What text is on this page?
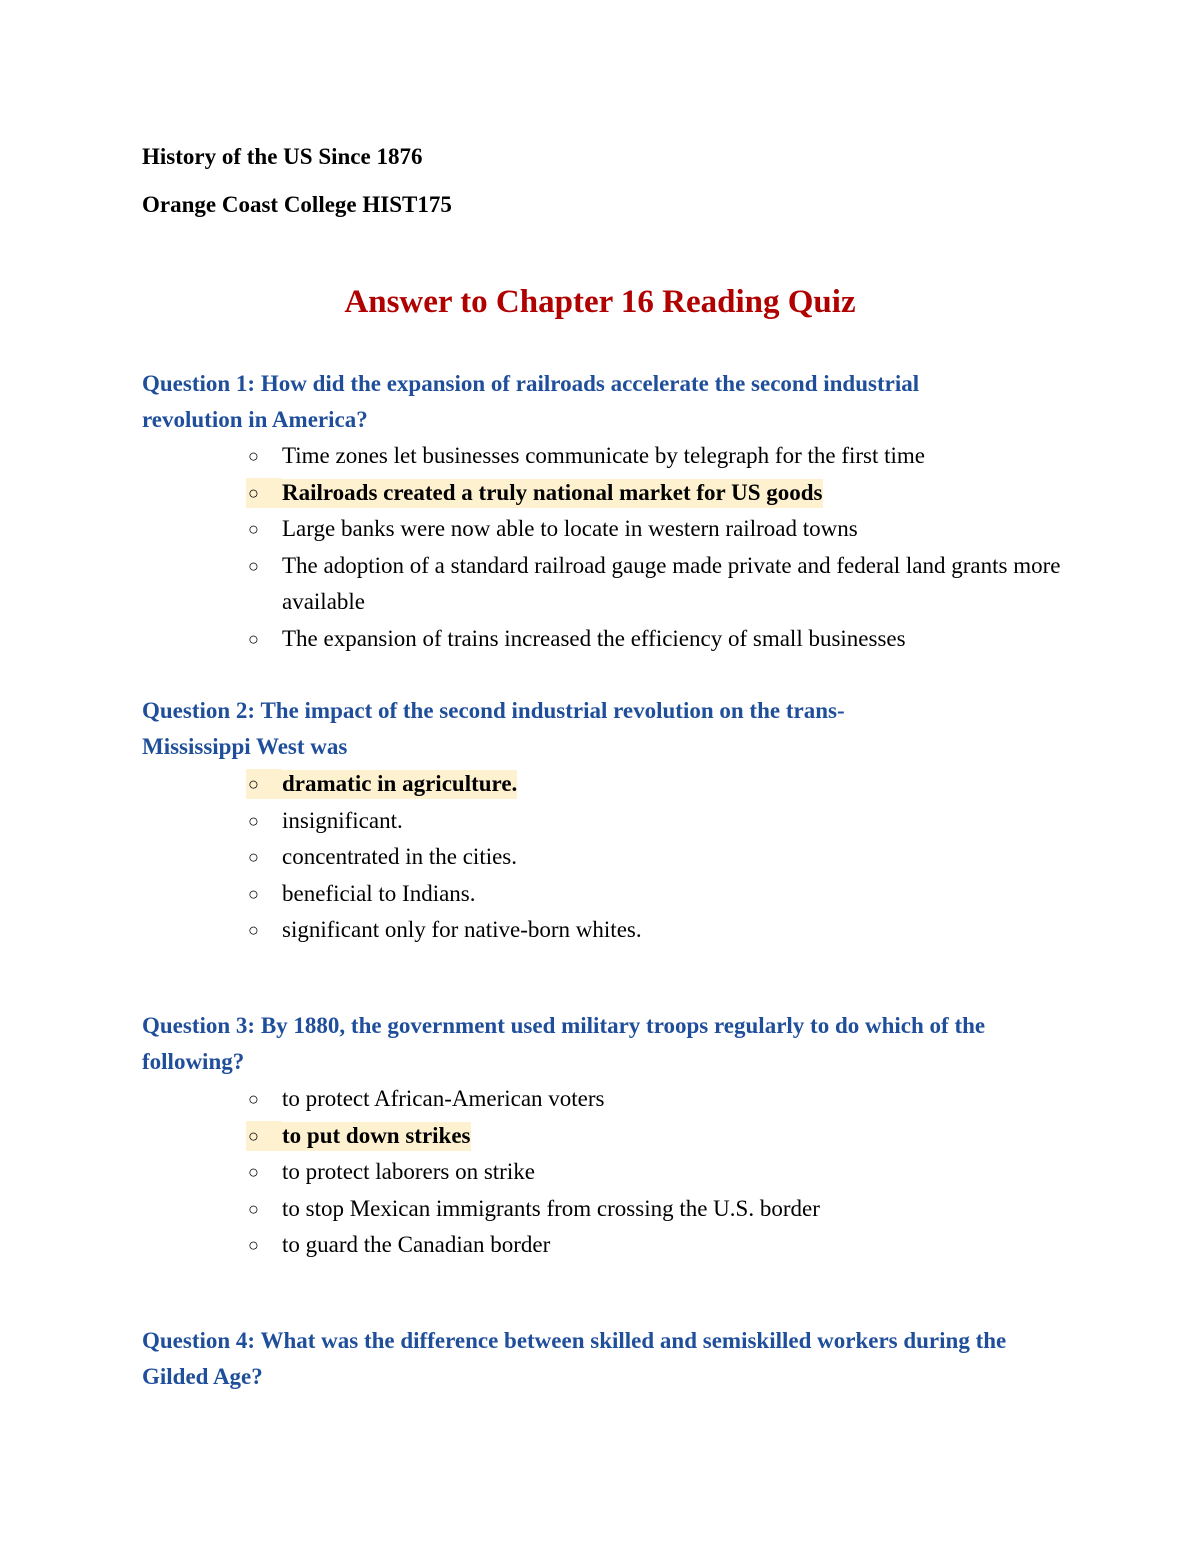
History of the US Since 1876
Orange Coast College HIST175
Answer to Chapter 16 Reading Quiz
Question 1: How did the expansion of railroads accelerate the second industrial revolution in America?
○ Time zones let businesses communicate by telegraph for the first time
○ Railroads created a truly national market for US goods
○ Large banks were now able to locate in western railroad towns
○ The adoption of a standard railroad gauge made private and federal land grants more available
○ The expansion of trains increased the efficiency of small businesses
Question 2: The impact of the second industrial revolution on the trans-Mississippi West was
○ dramatic in agriculture.
○ insignificant.
○ concentrated in the cities.
○ beneficial to Indians.
○ significant only for native-born whites.
Question 3: By 1880, the government used military troops regularly to do which of the following?
○ to protect African-American voters
○ to put down strikes
○ to protect laborers on strike
○ to stop Mexican immigrants from crossing the U.S. border
○ to guard the Canadian border
Question 4: What was the difference between skilled and semiskilled workers during the Gilded Age?
